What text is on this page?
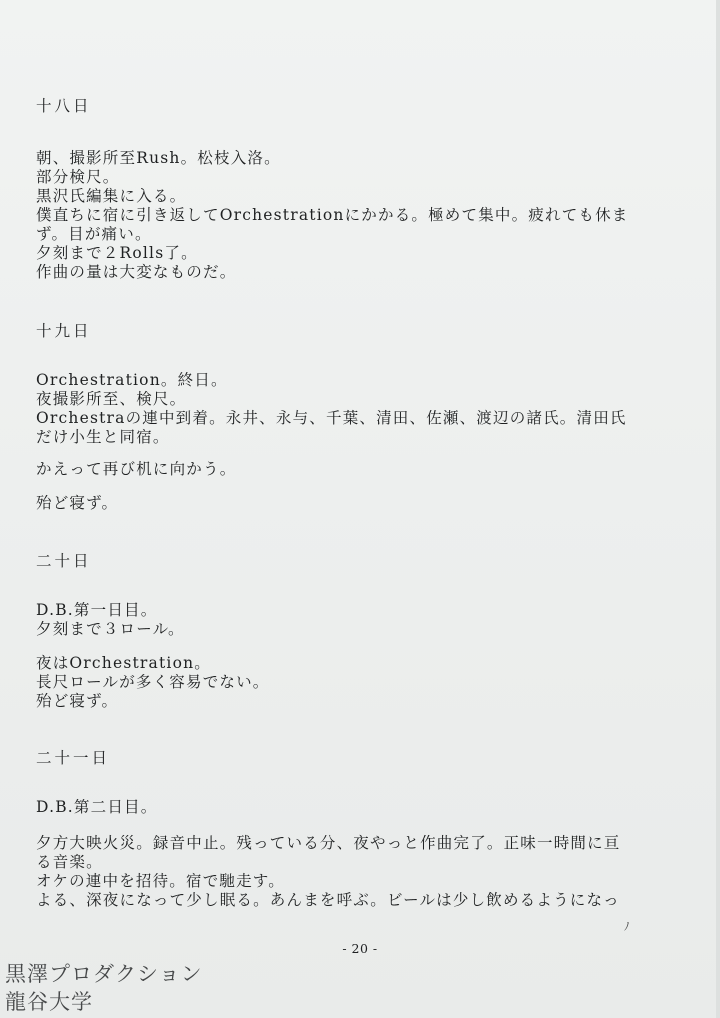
十八日
朝、撮影所至Rush。松枝入洛。
部分検尺。
黒沢氏編集に入る。
僕直ちに宿に引き返してOrchestrationにかかる。極めて集中。疲れても休ま
ず。目が痛い。
夕刻まで２Rolls了。
作曲の量は大変なものだ。
十九日
Orchestration。終日。
夜撮影所至、検尺。
Orchestraの連中到着。永井、永与、千葉、清田、佐瀬、渡辺の諸氏。清田氏
だけ小生と同宿。
かえって再び机に向かう。
殆ど寝ず。
二十日
D.B.第一日目。
夕刻まで３ロール。
夜はOrchestration。
長尺ロールが多く容易でない。
殆ど寝ず。
二十一日
D.B.第二日目。
夕方大映火災。録音中止。残っている分、夜やっと作曲完了。正味一時間に亘
る音楽。
オケの連中を招待。宿で馳走す。
よる、深夜になって少し眠る。あんまを呼ぶ。ビールは少し飲めるようになっ
ﾉ
- 20 -
黒澤プロダクション
龍谷大学
